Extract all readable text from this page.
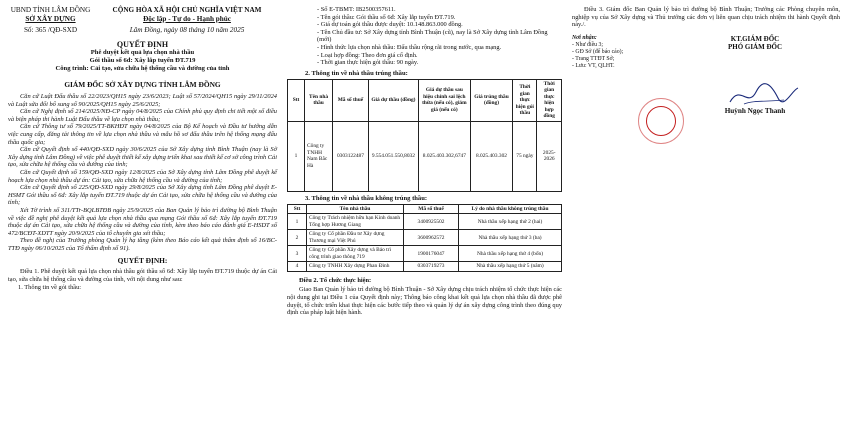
UBND TỈNH LÂM ĐỒNG
SỞ XÂY DỰNG
Số: 365 /QĐ-SXD
CỘNG HÒA XÃ HỘI CHỦ NGHĨA VIỆT NAM
Độc lập - Tự do - Hạnh phúc
Lâm Đồng, ngày 08 tháng 10 năm 2025
QUYẾT ĐỊNH
Phê duyệt kết quả lựa chọn nhà thầu
Gói thầu số 6đ: Xây lắp tuyến ĐT.719
Công trình: Cải tạo, sửa chữa hệ thống cầu và đường của tỉnh
GIÁM ĐỐC SỞ XÂY DỰNG TỈNH LÂM ĐỒNG

Căn cứ Luật Đấu thầu số 22/2023/QH15 ngày 23/6/2023; Luật số 57/2024/QH15 ngày 29/11/2024 và Luật sửa đổi bổ sung số 90/2025/QH15 ngày 25/6/2025;

Căn cứ Nghị định số 214/2025/NĐ-CP ngày 04/8/2025 của Chính phủ quy định chi tiết một số điều và biện pháp thi hành Luật Đấu thầu về lựa chọn nhà thầu;

Căn cứ Thông tư số 79/2025/TT-BKHĐT ngày 04/8/2025 của Bộ Kế hoạch và Đầu tư hướng dẫn việc cung cấp, đăng tải thông tin về lựa chọn nhà thầu và mẫu hồ sơ đấu thầu trên hệ thống mạng đấu thầu quốc gia;

Căn cứ Quyết định số 440/QĐ-SXD ngày 30/6/2025 của Sở Xây dựng tỉnh Bình Thuận (nay là Sở Xây dựng tỉnh Lâm Đồng) về việc phê duyệt thiết kế xây dựng triển khai sau thiết kế cơ sở công trình Cải tạo, sửa chữa hệ thống cầu và đường của tỉnh;

Căn cứ Quyết định số 159/QĐ-SXD ngày 12/8/2025 của Sở Xây dựng tỉnh Lâm Đồng phê duyệt kế hoạch lựa chọn nhà thầu dự án: Cải tạo, sửa chữa hệ thống cầu và đường của tỉnh;

Căn cứ Quyết định số 225/QĐ-SXD ngày 29/8/2025 của Sở Xây dựng tỉnh Lâm Đồng phê duyệt E-HSMT Gói thầu số 6đ: Xây lắp tuyến ĐT.719 thuộc dự án Cải tạo, sửa chữa hệ thống cầu và đường của tỉnh;

Xét Tờ trình số 311/TTr-BQLBTĐB ngày 25/9/2025 của Ban Quản lý bảo trì đường bộ Bình Thuận về việc đề nghị phê duyệt kết quả lựa chọn nhà thầu qua mạng Gói thầu số 6đ: Xây lắp tuyến ĐT.719 thuộc dự án Cải tạo, sửa chữa hệ thống cầu và đường của tỉnh, kèm theo báo cáo đánh giá E-HSDT số 472/BCĐT-XDTT ngày 20/9/2025 của tổ chuyên gia xét thầu;

Theo đề nghị của Trưởng phòng Quản lý hạ tầng (kèm theo Báo cáo kết quả thẩm định số 16/BC-TTĐ ngày 06/10/2025 của Tổ thẩm định số 91).

QUYẾT ĐỊNH:

Điều 1. Phê duyệt kết quả lựa chọn nhà thầu gói thầu số 6đ: Xây lắp tuyến ĐT.719 thuộc dự án Cải tạo, sửa chữa hệ thống cầu và đường của tỉnh, với nội dung như sau:

1. Thông tin về gói thầu:

- Số E-TBMT: IB2500357611.

- Tên gói thầu: Gói thầu số 6đ: Xây lắp tuyến ĐT.719.

- Giá dự toán gói thầu được duyệt: 10.148.863.000 đồng.

- Tên Chủ đầu tư: Sở Xây dựng tỉnh Bình Thuận (cũ), nay là Sở Xây dựng tỉnh Lâm Đồng (mới)

- Hình thức lựa chọn nhà thầu: Đấu thầu rộng rãi trong nước, qua mạng.

- Loại hợp đồng: Theo đơn giá cố định.

- Thời gian thực hiện gói thầu: 90 ngày.

2. Thông tin về nhà thầu trúng thầu:
Stt	Tên nhà thầu	Mã số thuế	Giá dự thầu (đồng)	Giá dự thầu sau hiệu chỉnh sai lệch thừa (nếu có), giảm giá (nếu có)	Giá trúng thầu (đồng)	Thời gian thực hiện gói thầu	Thời gian thực hiện hợp đồng
1	Công ty TNHH Nam Bắc Hà	0303122487	9.554.051.550,8032	8.025.403.302,6747	8.025.403.302	75 ngày	2025-2026
3. Thông tin về nhà thầu không trúng thầu:
Stt	Tên nhà thầu	Mã số thuế	Lý do nhà thầu không trúng thầu
1	Công ty Trách nhiệm hữu hạn Kinh doanh Tổng hợp Hương Giang	3400925502	Nhà thầu xếp hạng thứ 2 (hai)
2	Công ty Cổ phần Đầu tư Xây dựng Thương mại Việt Phú	3600962572	Nhà thầu xếp hạng thứ 3 (ba)
3	Công ty Cổ phần Xây dựng và Bảo trì công trình giao thông 719	1900176047	Nhà thầu xếp hạng thứ 4 (bốn)
4	Công ty TNHH Xây dựng Phan Đình	0303719273	Nhà thầu xếp hạng thứ 5 (năm)

Điều 2. Tổ chức thực hiện:

Giao Ban Quản lý bảo trì đường bộ Bình Thuận - Sở Xây dựng chịu trách nhiệm tổ chức thực hiện các nội dung ghi tại Điều 1 của Quyết định này; Thông báo công khai kết quả lựa chọn nhà thầu đã được phê duyệt, tổ chức triển khai thực hiện các bước tiếp theo và quản lý dự án xây dựng công trình theo đúng quy định của pháp luật hiện hành.

Điều 3. Giám đốc Ban Quản lý bảo trì đường bộ Bình Thuận; Trưởng các Phòng chuyên môn, nghiệp vụ của Sở Xây dựng và Thủ trưởng các đơn vị liên quan chịu trách nhiệm thi hành Quyết định này./.

Nơi nhận:
- Như điều 3;
- GĐ Sở (để báo cáo);
- Trang TTĐT Sở;
- Lưu: VT, QLHT.
KT.GIÁM ĐỐC
PHÓ GIÁM ĐỐC
Huỳnh Ngọc Thanh
